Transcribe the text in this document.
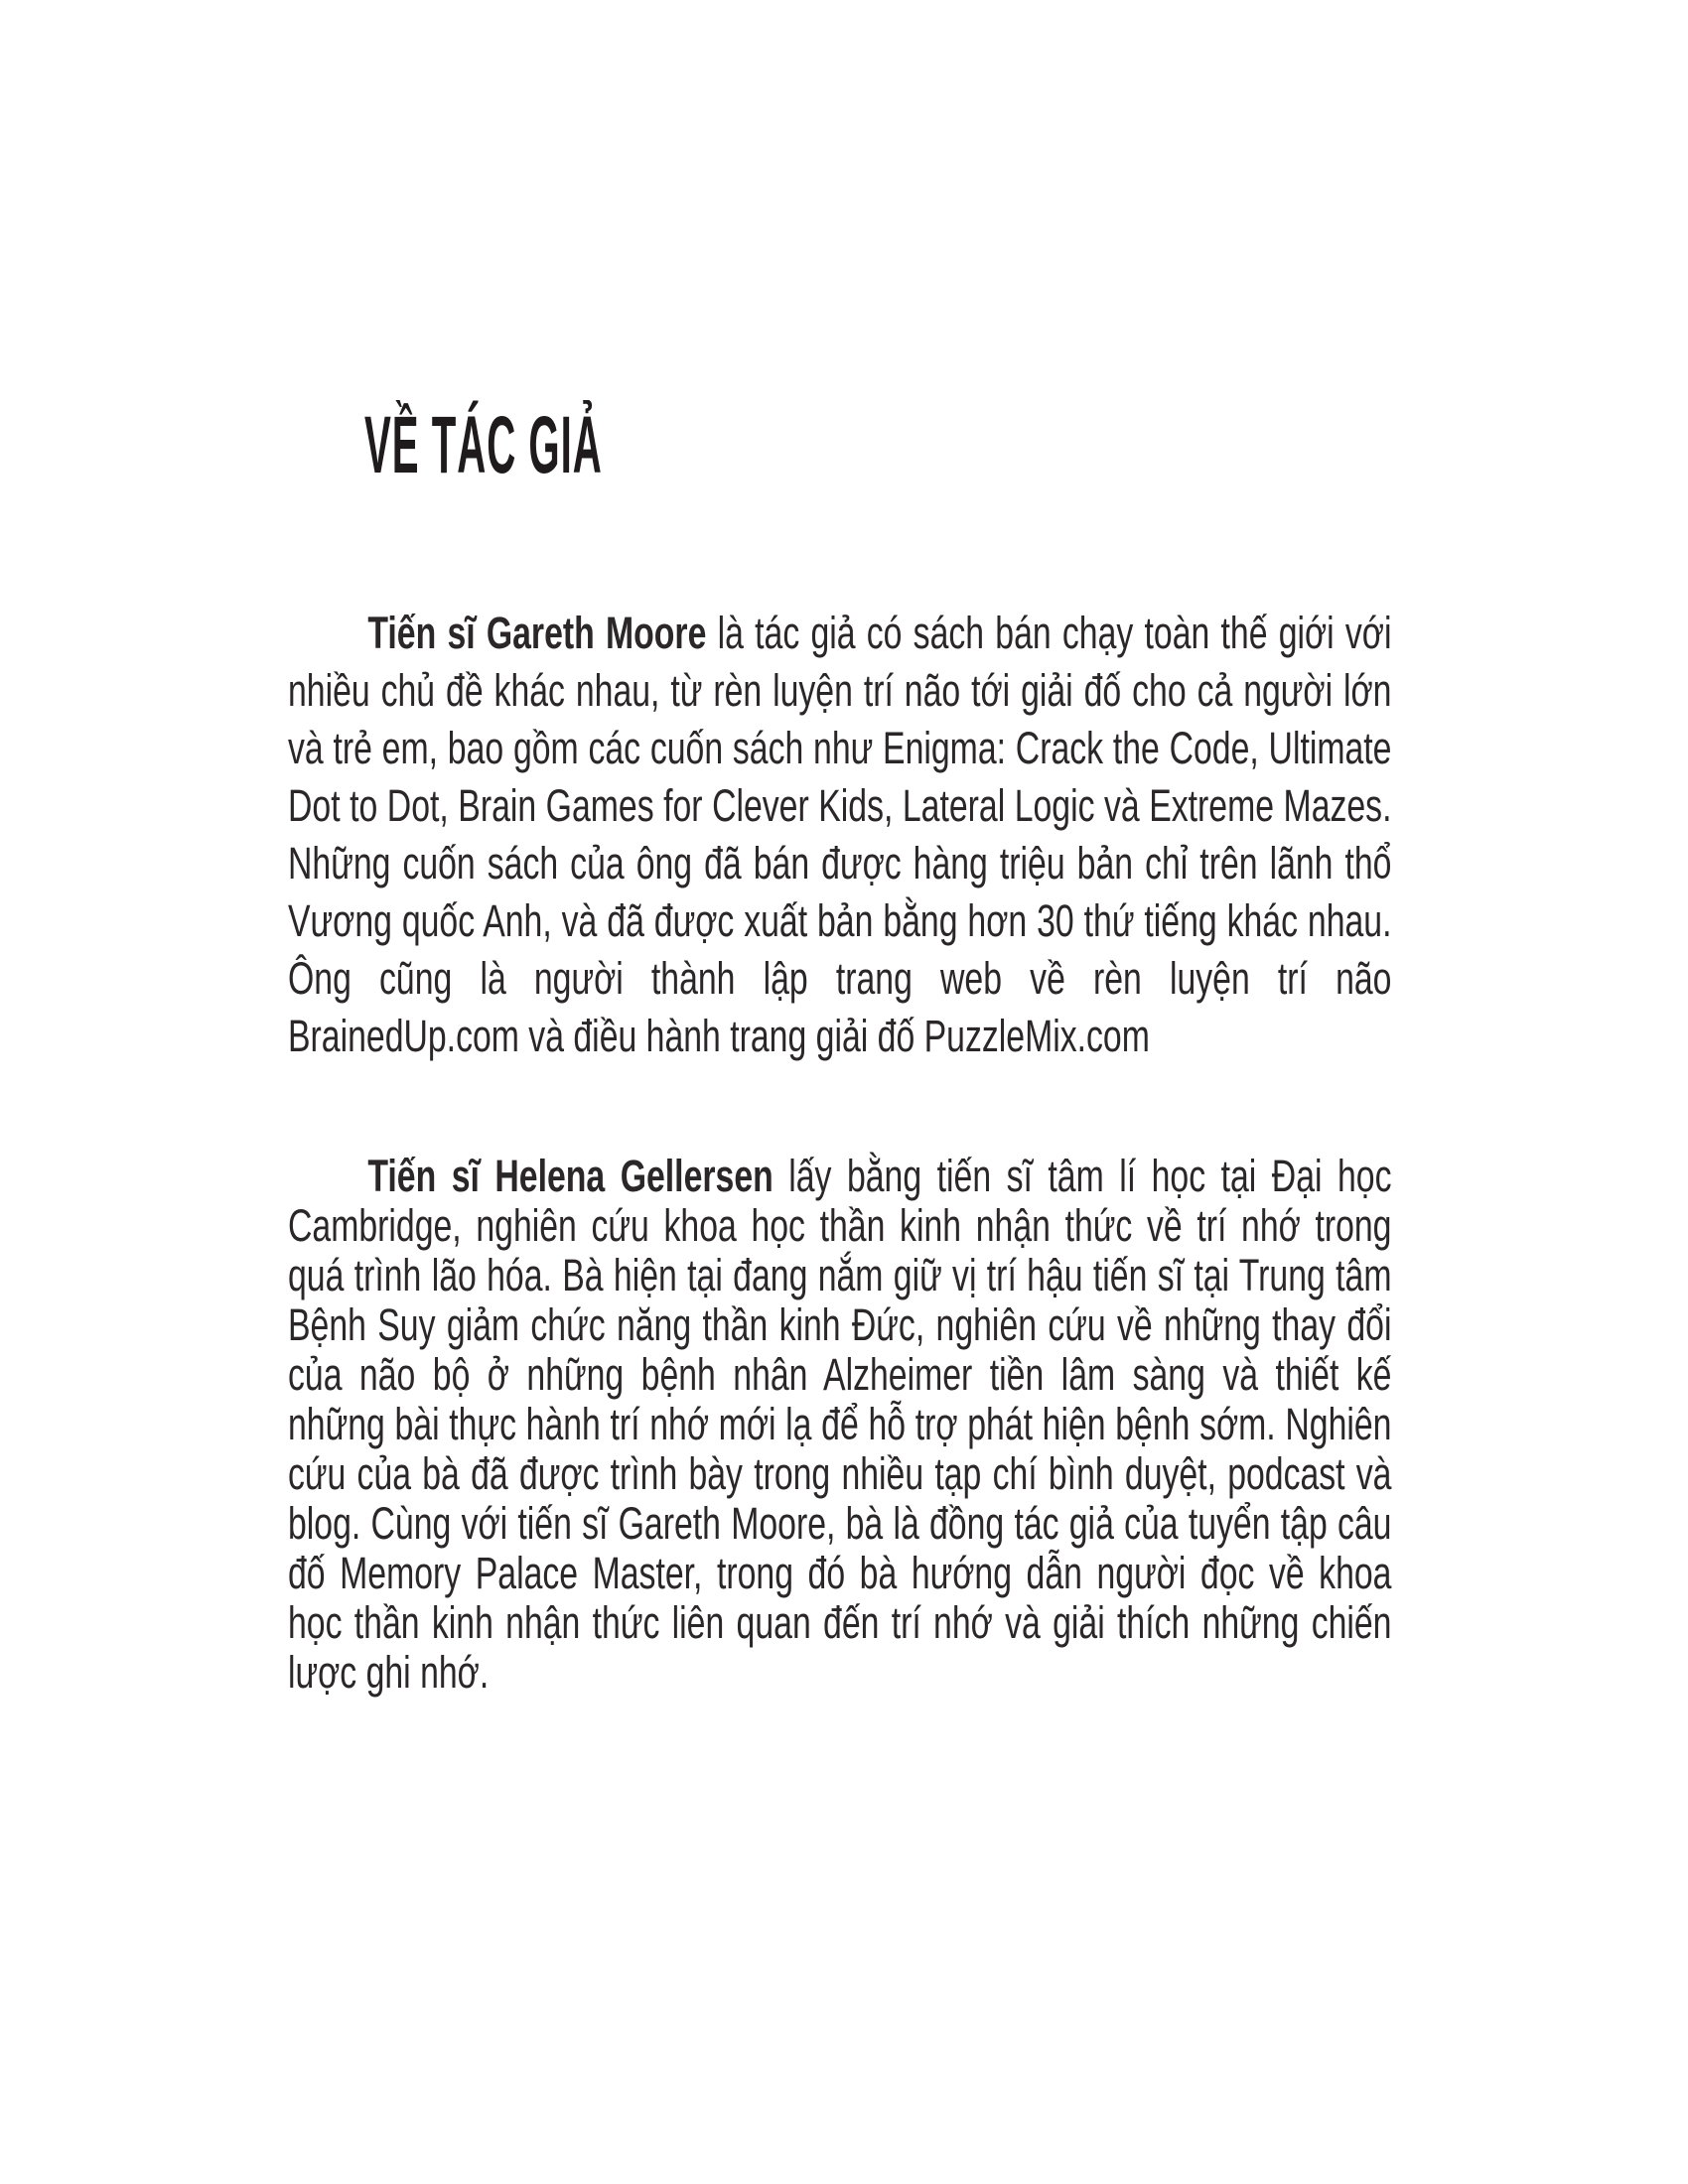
VỀ TÁC GIẢ

Tiến sĩ Gareth Moore là tác giả có sách bán chạy toàn thế giới với nhiều chủ đề khác nhau, từ rèn luyện trí não tới giải đố cho cả người lớn và trẻ em, bao gồm các cuốn sách như Enigma: Crack the Code, Ultimate Dot to Dot, Brain Games for Clever Kids, Lateral Logic và Extreme Mazes. Những cuốn sách của ông đã bán được hàng triệu bản chỉ trên lãnh thổ Vương quốc Anh, và đã được xuất bản bằng hơn 30 thứ tiếng khác nhau. Ông cũng là người thành lập trang web về rèn luyện trí não BrainedUp.com và điều hành trang giải đố PuzzleMix.com

Tiến sĩ Helena Gellersen lấy bằng tiến sĩ tâm lí học tại Đại học Cambridge, nghiên cứu khoa học thần kinh nhận thức về trí nhớ trong quá trình lão hóa. Bà hiện tại đang nắm giữ vị trí hậu tiến sĩ tại Trung tâm Bệnh Suy giảm chức năng thần kinh Đức, nghiên cứu về những thay đổi của não bộ ở những bệnh nhân Alzheimer tiền lâm sàng và thiết kế những bài thực hành trí nhớ mới lạ để hỗ trợ phát hiện bệnh sớm. Nghiên cứu của bà đã được trình bày trong nhiều tạp chí bình duyệt, podcast và blog. Cùng với tiến sĩ Gareth Moore, bà là đồng tác giả của tuyển tập câu đố Memory Palace Master, trong đó bà hướng dẫn người đọc về khoa học thần kinh nhận thức liên quan đến trí nhớ và giải thích những chiến lược ghi nhớ.
